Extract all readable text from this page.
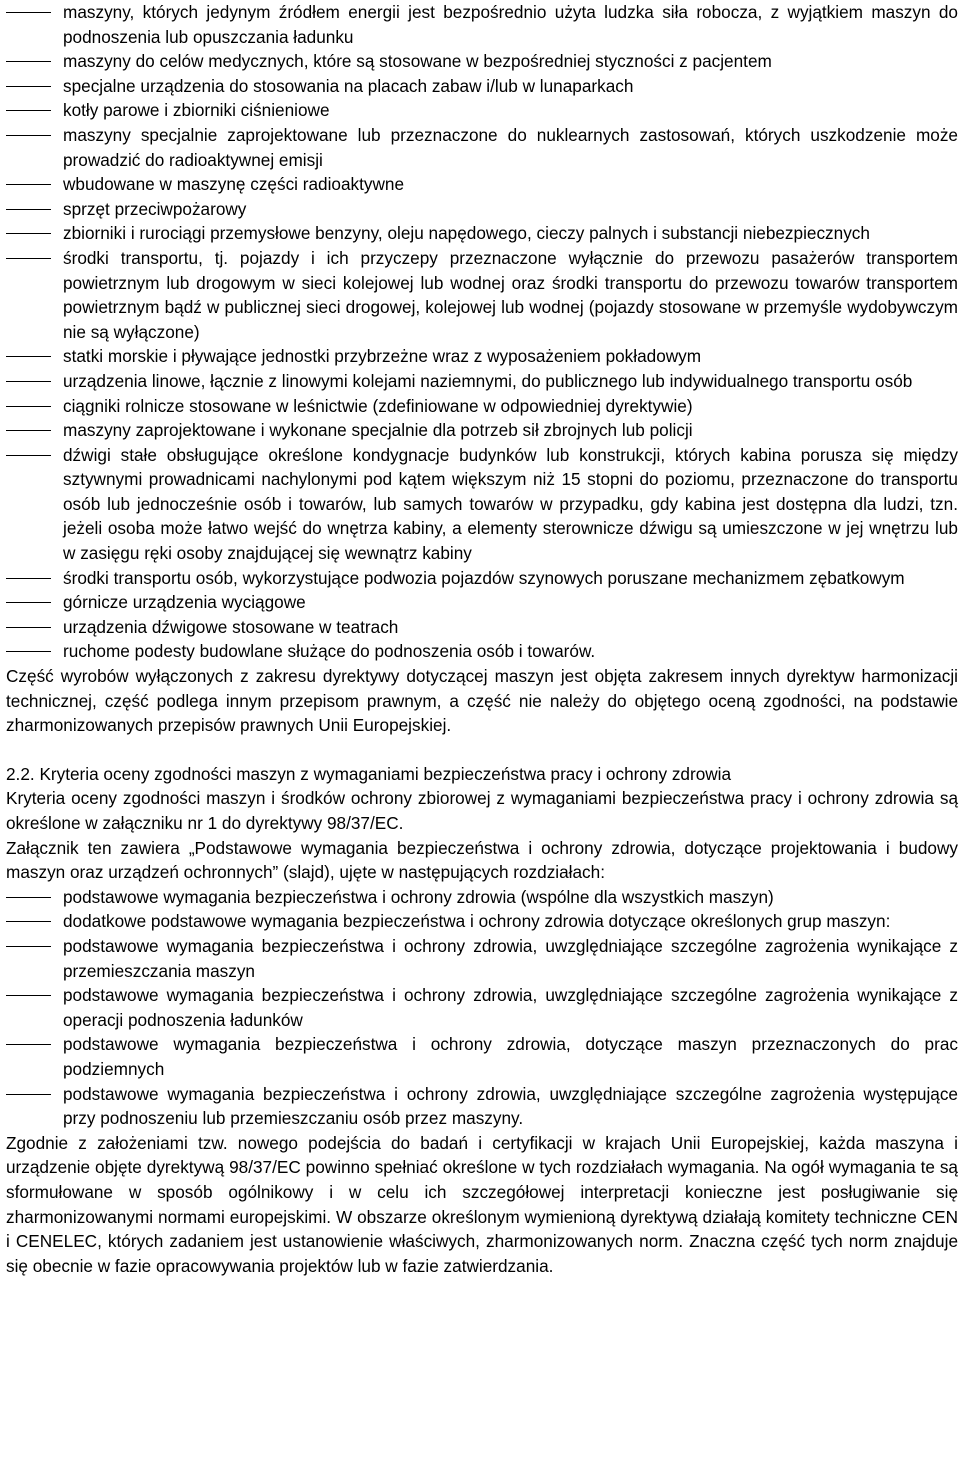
maszyny, których jedynym źródłem energii jest bezpośrednio użyta ludzka siła robocza, z wyjątkiem maszyn do podnoszenia lub opuszczania ładunku
maszyny do celów medycznych, które są stosowane w bezpośredniej styczności z pacjentem
specjalne urządzenia do stosowania na placach zabaw i/lub w lunaparkach
kotły parowe i zbiorniki ciśnieniowe
maszyny specjalnie zaprojektowane lub przeznaczone do nuklearnych zastosowań, których uszkodzenie może prowadzić do radioaktywnej emisji
wbudowane w maszynę części radioaktywne
sprzęt przeciwpożarowy
zbiorniki i rurociągi przemysłowe benzyny, oleju napędowego, cieczy palnych i substancji niebezpiecznych
środki transportu, tj. pojazdy i ich przyczepy przeznaczone wyłącznie do przewozu pasażerów transportem powietrznym lub drogowym w sieci kolejowej lub wodnej oraz środki transportu do przewozu towarów transportem powietrznym bądź w publicznej sieci drogowej, kolejowej lub wodnej (pojazdy stosowane w przemyśle wydobywczym nie są wyłączone)
statki morskie i pływające jednostki przybrzeżne wraz z wyposażeniem pokładowym
urządzenia linowe, łącznie z linowymi kolejami naziemnymi, do publicznego lub indywidualnego transportu osób
ciągniki rolnicze stosowane w leśnictwie (zdefiniowane w odpowiedniej dyrektywie)
maszyny zaprojektowane i wykonane specjalnie dla potrzeb sił zbrojnych lub policji
dźwigi stałe obsługujące określone kondygnacje budynków lub konstrukcji, których kabina porusza się między sztywnymi prowadnicami nachylonymi pod kątem większym niż 15 stopni do poziomu, przeznaczone do transportu osób lub jednocześnie osób i towarów, lub samych towarów w przypadku, gdy kabina jest dostępna dla ludzi, tzn. jeżeli osoba może łatwo wejść do wnętrza kabiny, a elementy sterownicze dźwigu są umieszczone w jej wnętrzu lub w zasięgu ręki osoby znajdującej się wewnątrz kabiny
środki transportu osób, wykorzystujące podwozia pojazdów szynowych poruszane mechanizmem zębatkowym
górnicze urządzenia wyciągowe
urządzenia dźwigowe stosowane w teatrach
ruchome podesty budowlane służące do podnoszenia osób i towarów.

Część wyrobów wyłączonych z zakresu dyrektywy dotyczącej maszyn jest objęta zakresem innych dyrektyw harmonizacji technicznej, część podlega innym przepisom prawnym, a część nie należy do objętego oceną zgodności, na podstawie zharmonizowanych przepisów prawnych Unii Europejskiej.

2.2. Kryteria oceny zgodności maszyn z wymaganiami bezpieczeństwa pracy i ochrony zdrowia

Kryteria oceny zgodności maszyn i środków ochrony zbiorowej z wymaganiami bezpieczeństwa pracy i ochrony zdrowia są określone w załączniku nr 1 do dyrektywy 98/37/EC.

Załącznik ten zawiera „Podstawowe wymagania bezpieczeństwa i ochrony zdrowia, dotyczące projektowania i budowy maszyn oraz urządzeń ochronnych” (slajd), ujęte w następujących rozdziałach:

podstawowe wymagania bezpieczeństwa i ochrony zdrowia (wspólne dla wszystkich maszyn)
dodatkowe podstawowe wymagania bezpieczeństwa i ochrony zdrowia dotyczące określonych grup maszyn:
podstawowe wymagania bezpieczeństwa i ochrony zdrowia, uwzględniające szczególne zagrożenia wynikające z przemieszczania maszyn
podstawowe wymagania bezpieczeństwa i ochrony zdrowia, uwzględniające szczególne zagrożenia wynikające z operacji podnoszenia ładunków
podstawowe wymagania bezpieczeństwa i ochrony zdrowia, dotyczące maszyn przeznaczonych do prac podziemnych
podstawowe wymagania bezpieczeństwa i ochrony zdrowia, uwzględniające szczególne zagrożenia występujące przy podnoszeniu lub przemieszczaniu osób przez maszyny.

Zgodnie z założeniami tzw. nowego podejścia do badań i certyfikacji w krajach Unii Europejskiej, każda maszyna i urządzenie objęte dyrektywą 98/37/EC powinno spełniać określone w tych rozdziałach wymagania. Na ogół wymagania te są sformułowane w sposób ogólnikowy i w celu ich szczegółowej interpretacji konieczne jest posługiwanie się zharmonizowanymi normami europejskimi. W obszarze określonym wymienioną dyrektywą działają komitety techniczne CEN i CENELEC, których zadaniem jest ustanowienie właściwych, zharmonizowanych norm. Znaczna część tych norm znajduje się obecnie w fazie opracowywania projektów lub w fazie zatwierdzania.
